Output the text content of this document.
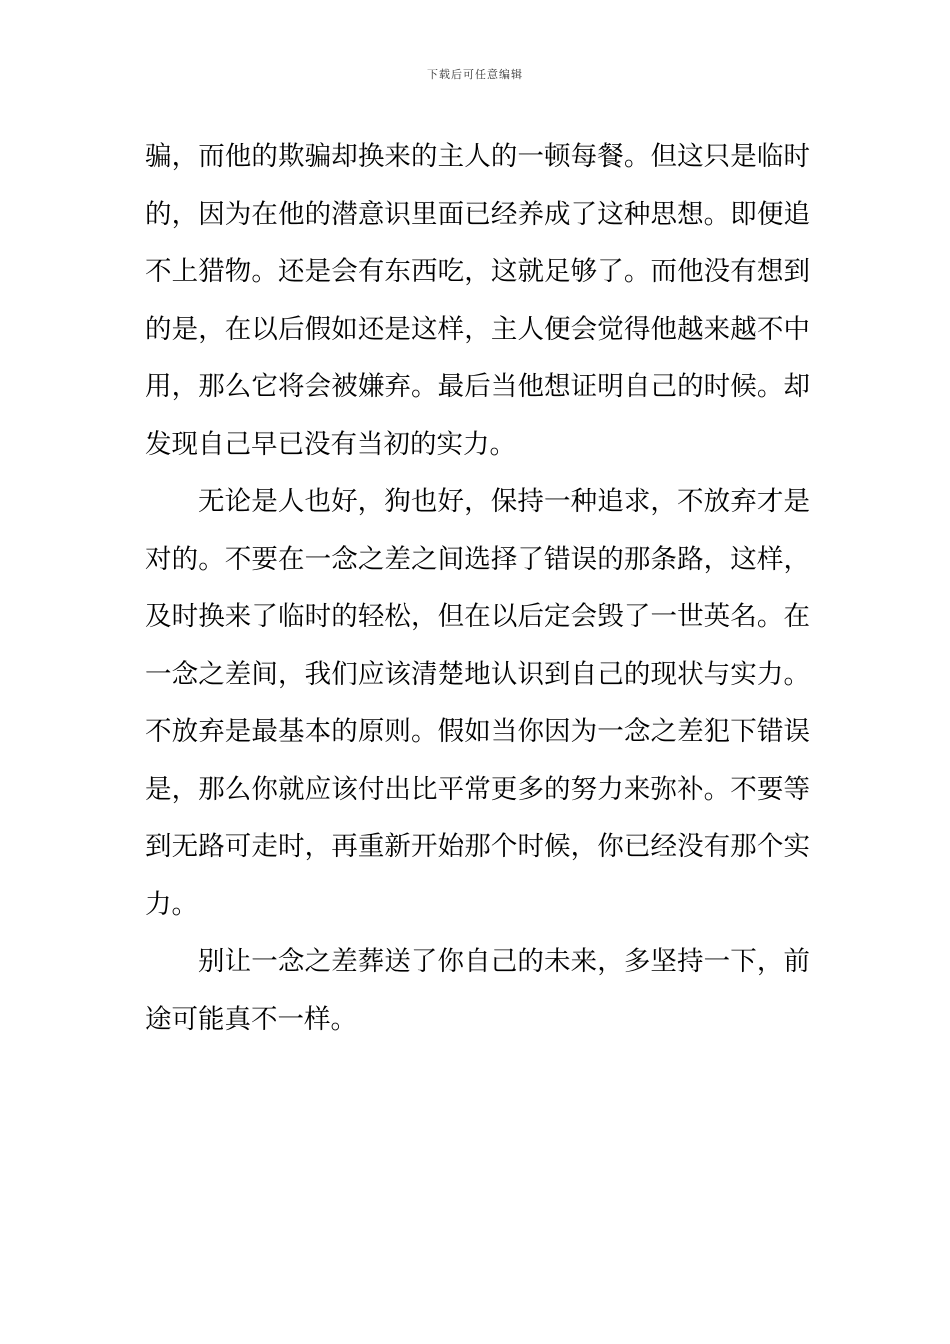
下载后可任意编辑
骗，而他的欺骗却换来的主人的一顿每餐。但这只是临时
的，因为在他的潜意识里面已经养成了这种思想。即便追
不上猎物。还是会有东西吃，这就足够了。而他没有想到
的是，在以后假如还是这样，主人便会觉得他越来越不中
用，那么它将会被嫌弃。最后当他想证明自己的时候。却
发现自己早已没有当初的实力。
无论是人也好，狗也好，保持一种追求，不放弃才是
对的。不要在一念之差之间选择了错误的那条路，这样，
及时换来了临时的轻松，但在以后定会毁了一世英名。在
一念之差间，我们应该清楚地认识到自己的现状与实力。
不放弃是最基本的原则。假如当你因为一念之差犯下错误
是，那么你就应该付出比平常更多的努力来弥补。不要等
到无路可走时，再重新开始那个时候，你已经没有那个实
力。
别让一念之差葬送了你自己的未来，多坚持一下，前
途可能真不一样。
